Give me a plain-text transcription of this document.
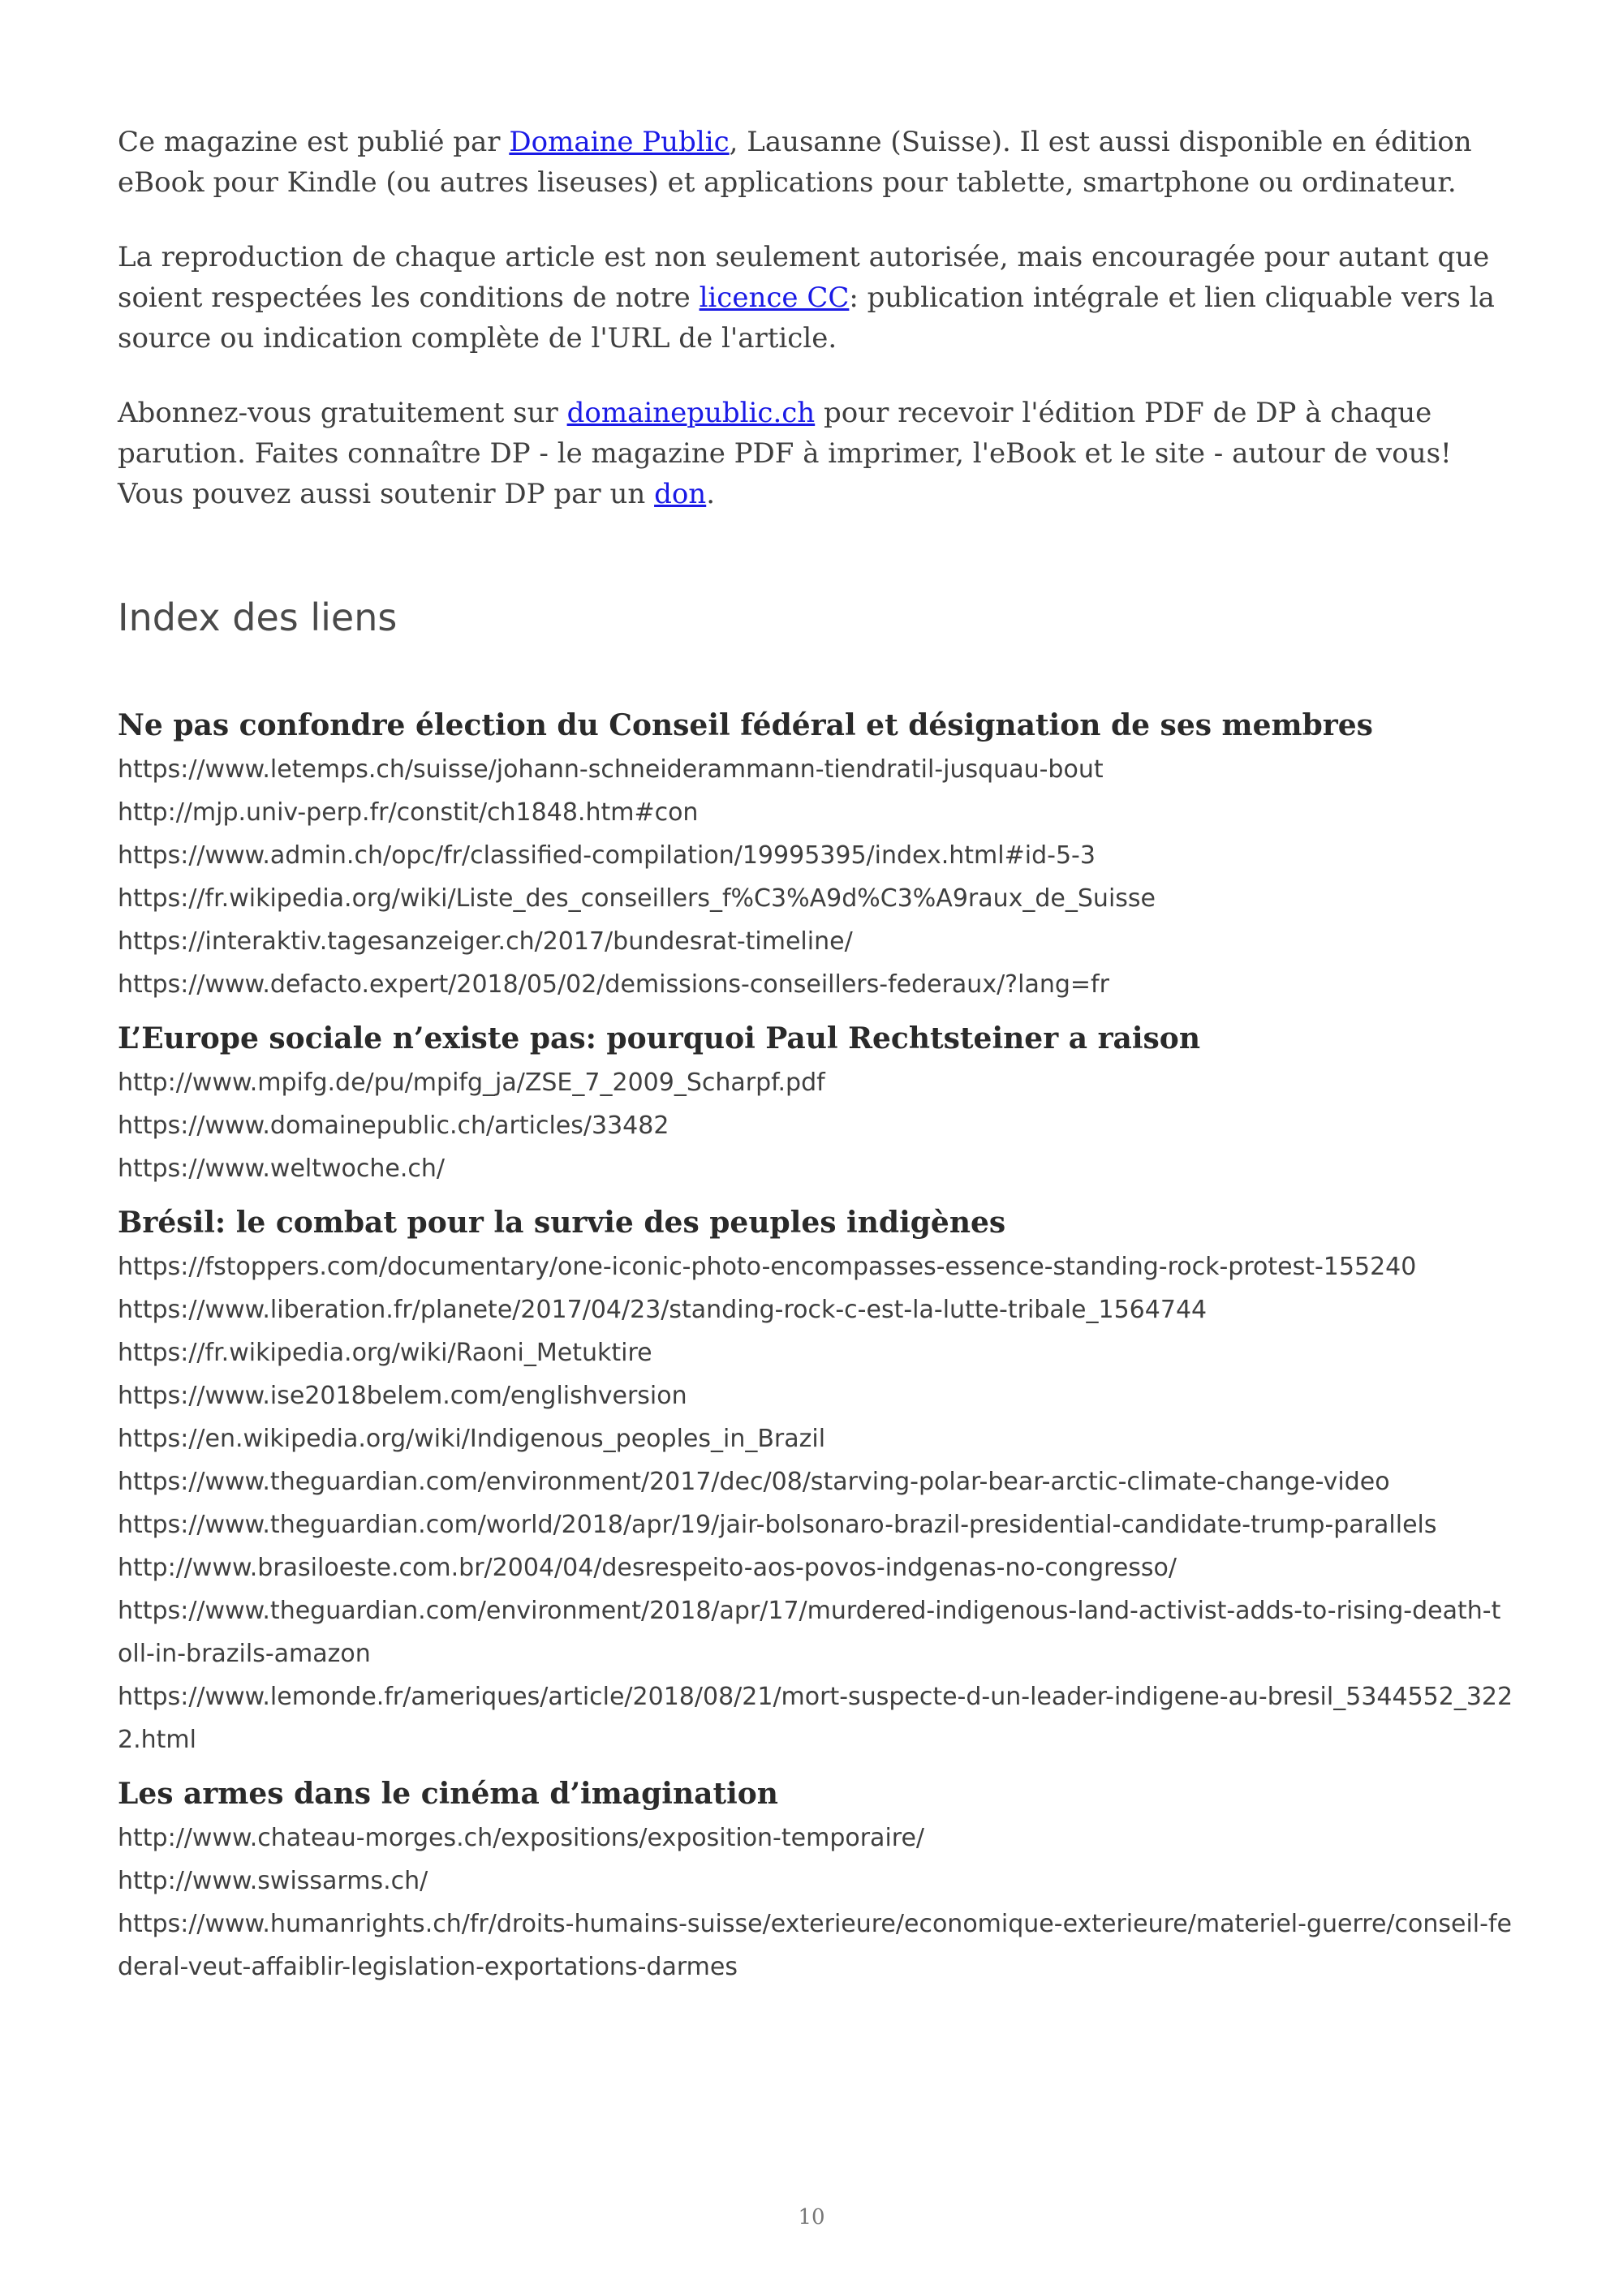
Ce magazine est publié par Domaine Public, Lausanne (Suisse). Il est aussi disponible en édition eBook pour Kindle (ou autres liseuses) et applications pour tablette, smartphone ou ordinateur.

La reproduction de chaque article est non seulement autorisée, mais encouragée pour autant que soient respectées les conditions de notre licence CC: publication intégrale et lien cliquable vers la source ou indication complète de l'URL de l'article.

Abonnez-vous gratuitement sur domainepublic.ch pour recevoir l'édition PDF de DP à chaque parution. Faites connaître DP - le magazine PDF à imprimer, l'eBook et le site - autour de vous! Vous pouvez aussi soutenir DP par un don.

Index des liens
Ne pas confondre élection du Conseil fédéral et désignation de ses membres
https://www.letemps.ch/suisse/johann-schneiderammann-tiendratil-jusquau-bout
http://mjp.univ-perp.fr/constit/ch1848.htm#con
https://www.admin.ch/opc/fr/classified-compilation/19995395/index.html#id-5-3
https://fr.wikipedia.org/wiki/Liste_des_conseillers_f%C3%A9d%C3%A9raux_de_Suisse
https://interaktiv.tagesanzeiger.ch/2017/bundesrat-timeline/
https://www.defacto.expert/2018/05/02/demissions-conseillers-federaux/?lang=fr
L’Europe sociale n’existe pas: pourquoi Paul Rechtsteiner a raison
http://www.mpifg.de/pu/mpifg_ja/ZSE_7_2009_Scharpf.pdf
https://www.domainepublic.ch/articles/33482
https://www.weltwoche.ch/
Brésil: le combat pour la survie des peuples indigènes
https://fstoppers.com/documentary/one-iconic-photo-encompasses-essence-standing-rock-protest-155240
https://www.liberation.fr/planete/2017/04/23/standing-rock-c-est-la-lutte-tribale_1564744
https://fr.wikipedia.org/wiki/Raoni_Metuktire
https://www.ise2018belem.com/englishversion
https://en.wikipedia.org/wiki/Indigenous_peoples_in_Brazil
https://www.theguardian.com/environment/2017/dec/08/starving-polar-bear-arctic-climate-change-video
https://www.theguardian.com/world/2018/apr/19/jair-bolsonaro-brazil-presidential-candidate-trump-parallels
http://www.brasiloeste.com.br/2004/04/desrespeito-aos-povos-indgenas-no-congresso/
https://www.theguardian.com/environment/2018/apr/17/murdered-indigenous-land-activist-adds-to-rising-death-toll-in-brazils-amazon
https://www.lemonde.fr/ameriques/article/2018/08/21/mort-suspecte-d-un-leader-indigene-au-bresil_5344552_3222.html
Les armes dans le cinéma d’imagination
http://www.chateau-morges.ch/expositions/exposition-temporaire/
http://www.swissarms.ch/
https://www.humanrights.ch/fr/droits-humains-suisse/exterieure/economique-exterieure/materiel-guerre/conseil-federal-veut-affaiblir-legislation-exportations-darmes
10
